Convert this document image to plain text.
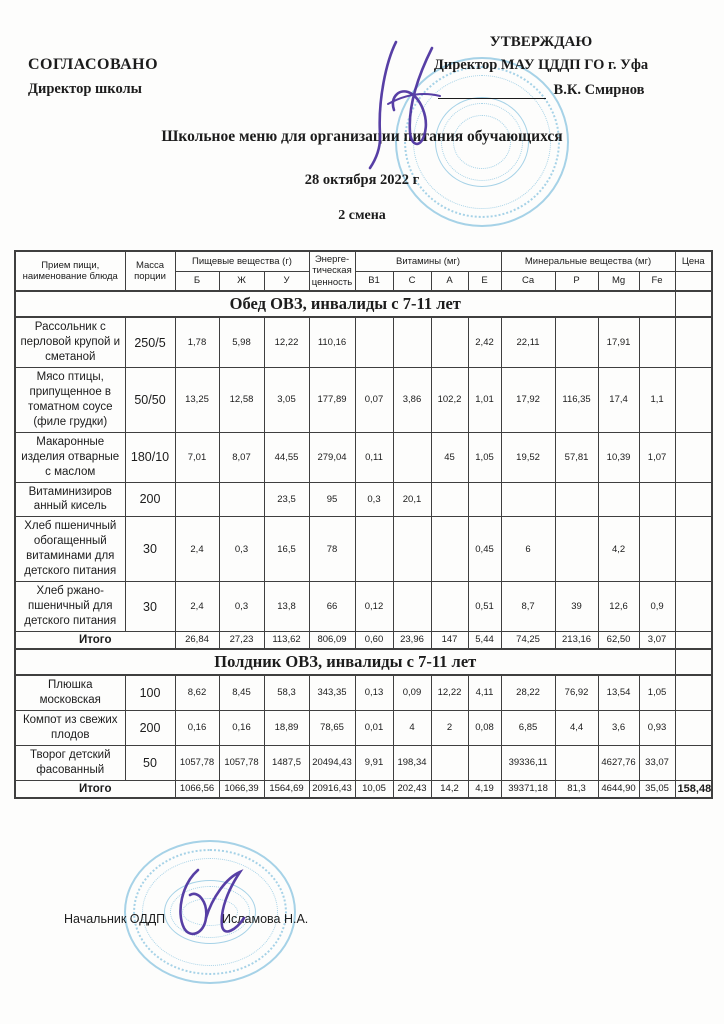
СОГЛАСОВАНО
Директор школы
УТВЕРЖДАЮ
Директор МАУ ЦДДП ГО г. Уфа
В.К. Смирнов
Школьное меню для организации питания обучающихся
28 октября 2022 г
2 смена
Прием пищи, наименование блюда	Масса порции	Пищевые вещества (г)			Энерге-тическая ценность	Витамины (мг)				Минеральные вещества (мг)				Цена
		Б	Ж	У		B1	C	A	E	Ca	P	Mg	Fe	
Обед ОВЗ, инвалиды с 7-11 лет														
Рассольник с перловой крупой и сметаной	250/5	1,78	5,98	12,22	110,16				2,42	22,11		17,91		
Мясо птицы, припущенное в томатном соусе (филе грудки)	50/50	13,25	12,58	3,05	177,89	0,07	3,86	102,2	1,01	17,92	116,35	17,4	1,1	
Макаронные изделия отварные с маслом	180/10	7,01	8,07	44,55	279,04	0,11		45	1,05	19,52	57,81	10,39	1,07	
Витаминизиров анный кисель	200			23,5	95	0,3	20,1							
Хлеб пшеничный обогащенный витаминами для детского питания	30	2,4	0,3	16,5	78				0,45	6		4,2		
Хлеб ржано-пшеничный для детского питания	30	2,4	0,3	13,8	66	0,12			0,51	8,7	39	12,6	0,9	
Итого		26,84	27,23	113,62	806,09	0,60	23,96	147	5,44	74,25	213,16	62,50	3,07	
Полдник ОВЗ, инвалиды с 7-11 лет														
Плюшка московская	100	8,62	8,45	58,3	343,35	0,13	0,09	12,22	4,11	28,22	76,92	13,54	1,05	
Компот из свежих плодов	200	0,16	0,16	18,89	78,65	0,01	4	2	0,08	6,85	4,4	3,6	0,93	
Творог детский фасованный	50	1057,78	1057,78	1487,5	20494,43	9,91	198,34			39336,11		4627,76	33,07	
Итого		1066,56	1066,39	1564,69	20916,43	10,05	202,43	14,2	4,19	39371,18	81,3	4644,90	35,05	158,48
Начальник ОДДП	Исламова Н.А.
